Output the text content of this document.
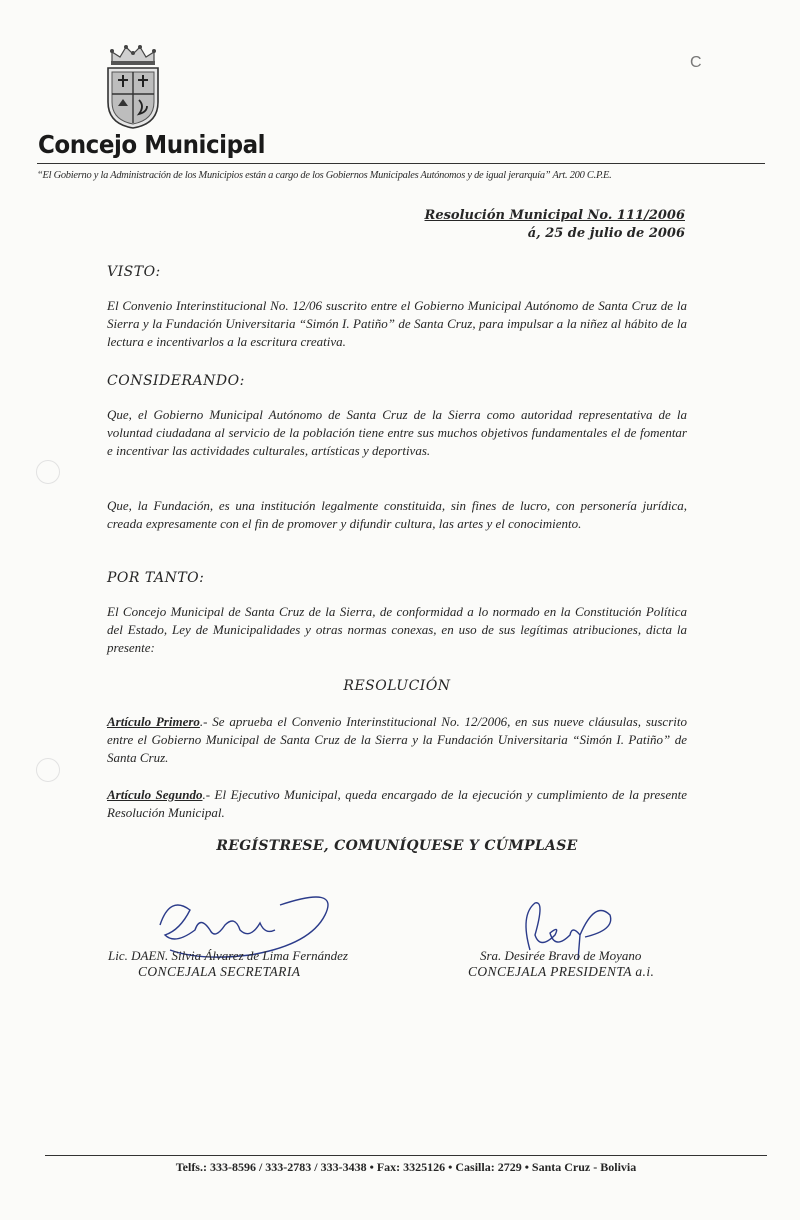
Concejo Municipal
C
“El Gobierno y la Administración de los Municipios están a cargo de los Gobiernos Municipales Autónomos y de igual jerarquía” Art. 200 C.P.E.
Resolución Municipal No. 111/2006
á, 25 de julio de 2006
VISTO:
El Convenio Interinstitucional No. 12/06 suscrito entre el Gobierno Municipal Autónomo de Santa Cruz de la Sierra y la Fundación Universitaria “Simón I. Patiño” de Santa Cruz, para impulsar a la niñez al hábito de la lectura e incentivarlos a la escritura creativa.
CONSIDERANDO:
Que, el Gobierno Municipal Autónomo de Santa Cruz de la Sierra como autoridad representativa de la voluntad ciudadana al servicio de la población tiene entre sus muchos objetivos fundamentales el de fomentar e incentivar las actividades culturales, artísticas y deportivas.
Que, la Fundación, es una institución legalmente constituida, sin fines de lucro, con personería jurídica, creada expresamente con el fin de promover y difundir cultura, las artes y el conocimiento.
POR TANTO:
El Concejo Municipal de Santa Cruz de la Sierra, de conformidad a lo normado en la Constitución Política del Estado, Ley de Municipalidades y otras normas conexas, en uso de sus legítimas atribuciones, dicta la presente:
RESOLUCIÓN
Artículo Primero.- Se aprueba el Convenio Interinstitucional No. 12/2006, en sus nueve cláusulas, suscrito entre el Gobierno Municipal de Santa Cruz de la Sierra y la Fundación Universitaria “Simón I. Patiño” de Santa Cruz.
Artículo Segundo.- El Ejecutivo Municipal, queda encargado de la ejecución y cumplimiento de la presente Resolución Municipal.
REGÍSTRESE, COMUNÍQUESE Y CÚMPLASE
Lic. DAEN. Silvia Álvarez de Lima Fernández
CONCEJALA SECRETARIA
Sra. Desirée Bravo de Moyano
CONCEJALA PRESIDENTA a.i.
Telfs.: 333-8596 / 333-2783 / 333-3438 • Fax: 3325126 • Casilla: 2729 • Santa Cruz - Bolivia
